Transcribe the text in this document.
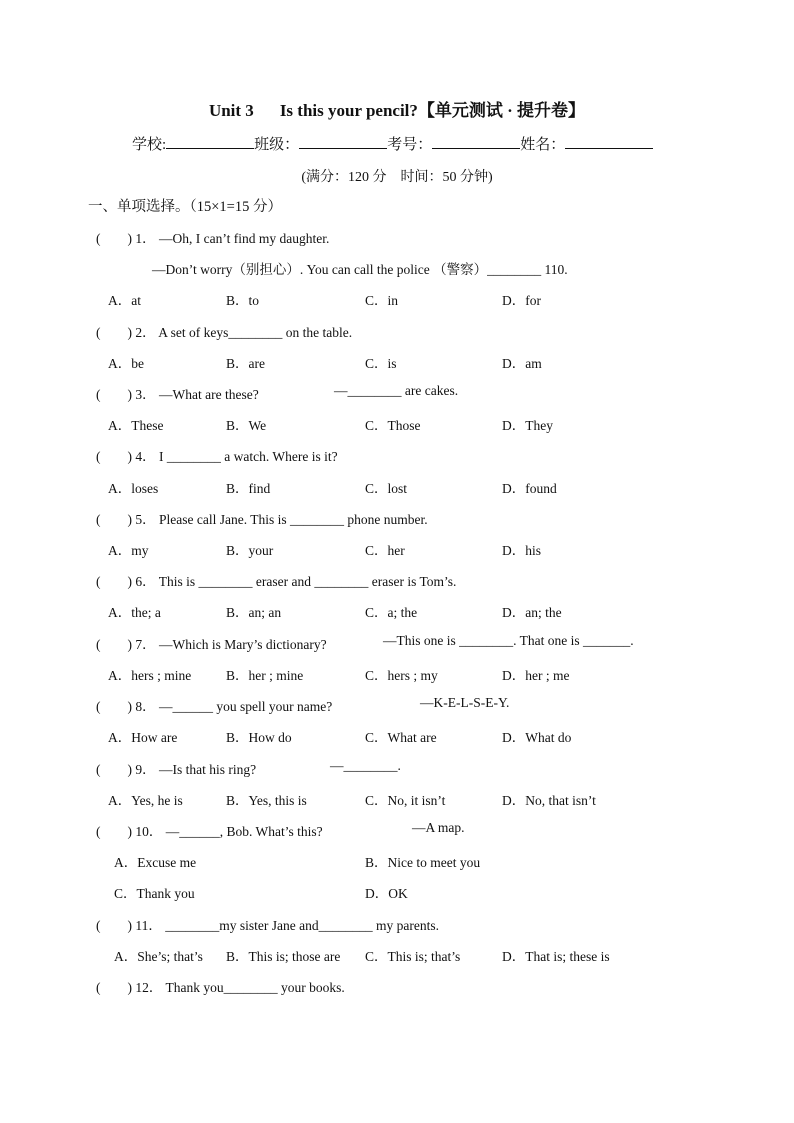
Unit 3 Is this your pencil?【单元测试 · 提升卷】
学校:	班级：	考号：	姓名：
(满分：120 分　时间：50 分钟)
一、单项选择。（15×1=15 分）
(　　) 1． —Oh, I can’t find my daughter.
—Don’t worry（别担心）. You can call the police （警察）________ 110.
A．at	B．to	C．in	D．for
(　　) 2． A set of keys________ on the table.
A．be	B．are	C．is	D．am
(　　) 3． —What are these?	—________ are cakes.
A．These	B．We	C．Those	D．They
(　　) 4． I ________ a watch. Where is it?
A．loses	B．find	C．lost	D．found
(　　) 5． Please call Jane. This is ________ phone number.
A．my	B．your	C．her	D．his
(　　) 6． This is ________ eraser and ________ eraser is Tom’s.
A．the; a	B．an; an	C．a; the	D．an; the
(　　) 7． —Which is Mary’s dictionary?	—This one is ________. That one is _______.
A．hers ; mine	B．her ; mine	C．hers ; my	D．her ; me
(　　) 8． —______ you spell your name?	—K-E-L-S-E-Y.
A．How are	B．How do	C．What are	D．What do
(　　) 9． —Is that his ring?	—________.
A．Yes, he is	B．Yes, this is	C．No, it isn’t	D．No, that isn’t
(　　) 10． —______, Bob. What’s this?	—A map.
A．Excuse me	B．Nice to meet you
C．Thank you	D．OK
(　　) 11． ________my sister Jane and________ my parents.
A．She’s; that’s B．This is; those are C．This is; that’s	D．That is; these is
(　　) 12． Thank you________ your books.
